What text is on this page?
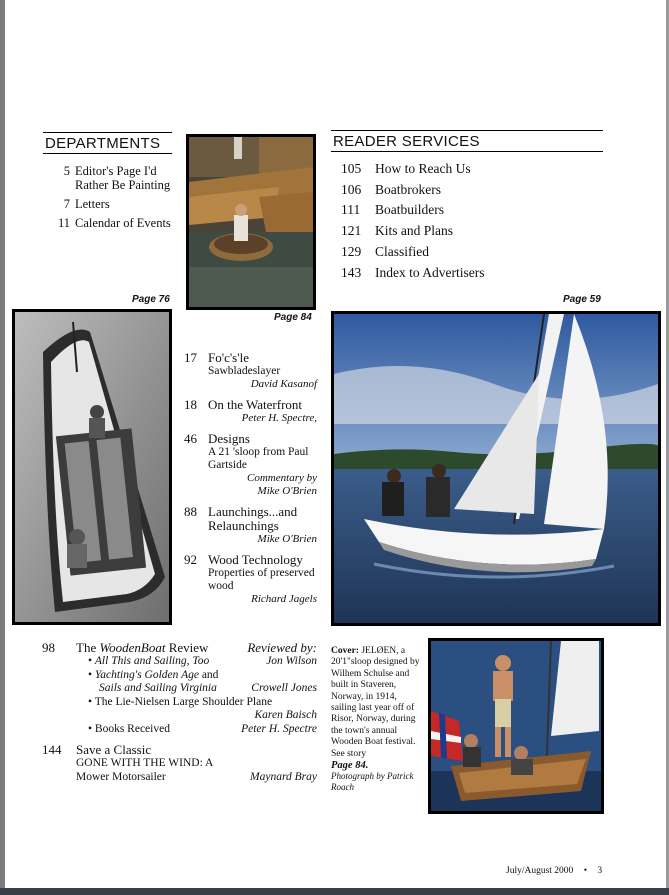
DEPARTMENTS
5 Editor's Page I'd Rather Be Painting
7 Letters
11 Calendar of Events
Page 76
Page 84
READER SERVICES
105	How to Reach Us
106	Boatbrokers
111	Boatbuilders
121	Kits and Plans
129	Classified
143	Index to Advertisers
Page 59
17 Fo'c's'le
Sawbladeslayer
David Kasanof
18 On the Waterfront
Peter H. Spectre,
46 Designs
A 21 'sloop from Paul Gartside
Commentary by Mike O'Brien
88 Launchings...and Relaunchings
Mike O'Brien
92 Wood Technology
Properties of preserved wood
Richard Jagels
98 The WoodenBoat Review	Reviewed by:
• All This and Sailing, Too	Jon Wilson
• Yachting's Golden Age and
Sails and Sailing Virginia	Crowell Jones
• The Lie-Nielsen Large Shoulder Plane
Karen Baisch
• Books Received	Peter H. Spectre
144 Save a Classic
GONE WITH THE WIND: A Mower Motorsailer	Maynard Bray
Cover: JELØEN, a 20'1"sloop designed by Wilhem Schulse and built in Staveren, Norway, in 1914, sailing last year off of Risor, Norway, during the town's annual Wooden Boat festival. See story
Page 84.
Photograph by Patrick Roach
July/August 2000 • 3
